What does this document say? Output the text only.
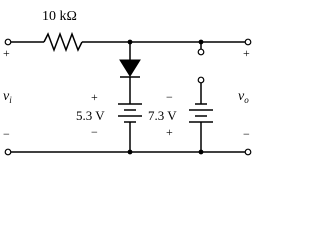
10 kΩ
+
$v_i$
−
+
$v_o$
−
+
5.3 V
−
−
7.3 V
+
